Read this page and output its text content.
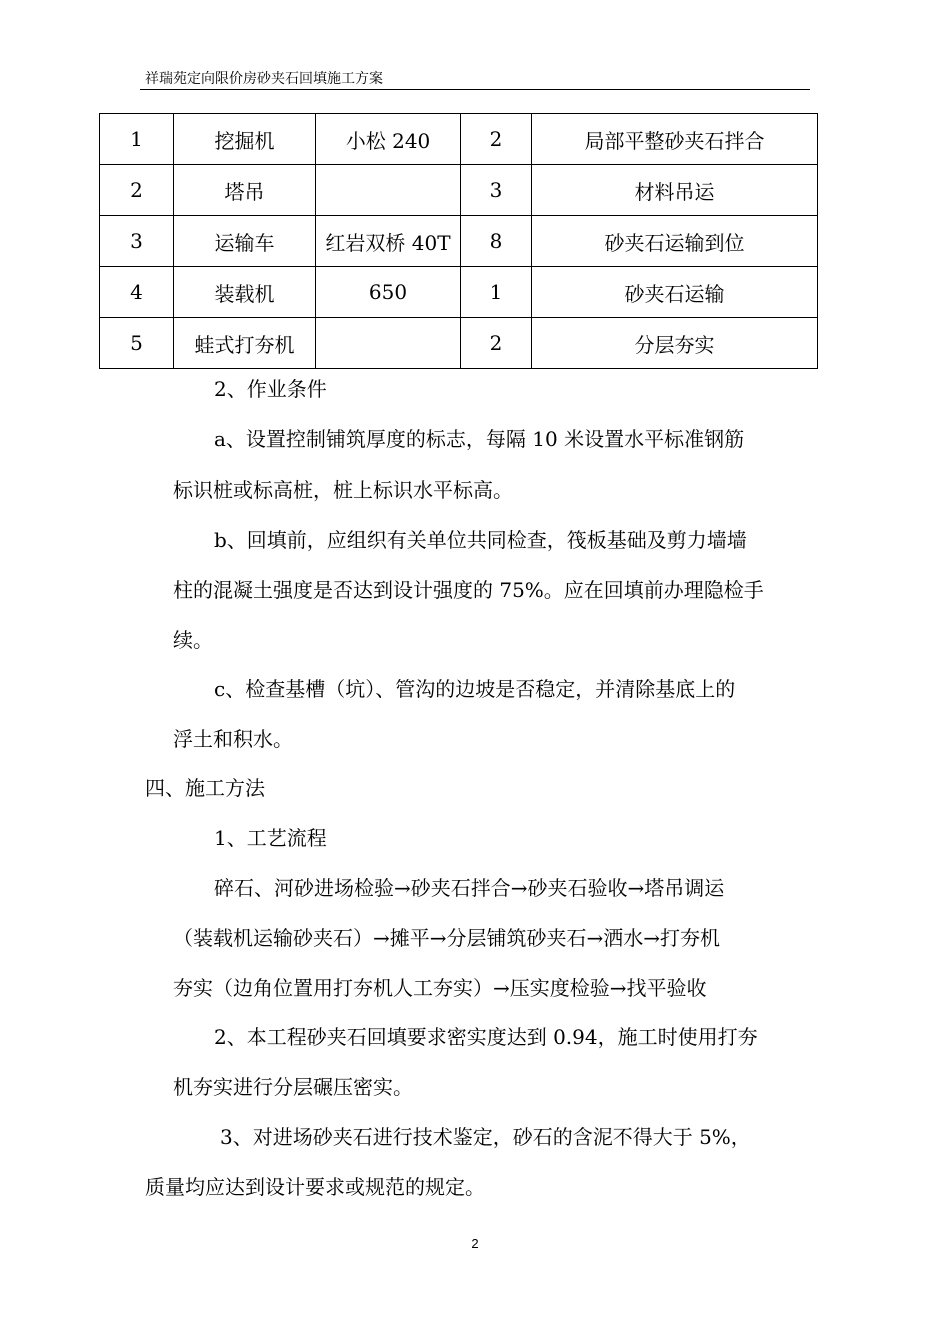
祥瑞苑定向限价房砂夹石回填施工方案
1	挖掘机	小松 240	2	局部平整砂夹石拌合
2	塔吊		3	材料吊运
3	运输车	红岩双桥 40T	8	砂夹石运输到位
4	装载机	650	1	砂夹石运输
5	蛙式打夯机		2	分层夯实
2、作业条件
a、设置控制铺筑厚度的标志，每隔 10 米设置水平标准钢筋
标识桩或标高桩，桩上标识水平标高。
b、回填前，应组织有关单位共同检查，筏板基础及剪力墙墙
柱的混凝土强度是否达到设计强度的 75%。应在回填前办理隐检手
续。
c、检查基槽（坑）、管沟的边坡是否稳定，并清除基底上的
浮土和积水。
四、施工方法
1、工艺流程
碎石、河砂进场检验→砂夹石拌合→砂夹石验收→塔吊调运
（装载机运输砂夹石）→摊平→分层铺筑砂夹石→洒水→打夯机
夯实（边角位置用打夯机人工夯实）→压实度检验→找平验收
2、本工程砂夹石回填要求密实度达到 0.94，施工时使用打夯
机夯实进行分层碾压密实。
3、对进场砂夹石进行技术鉴定，砂石的含泥不得大于 5%，
质量均应达到设计要求或规范的规定。
2
